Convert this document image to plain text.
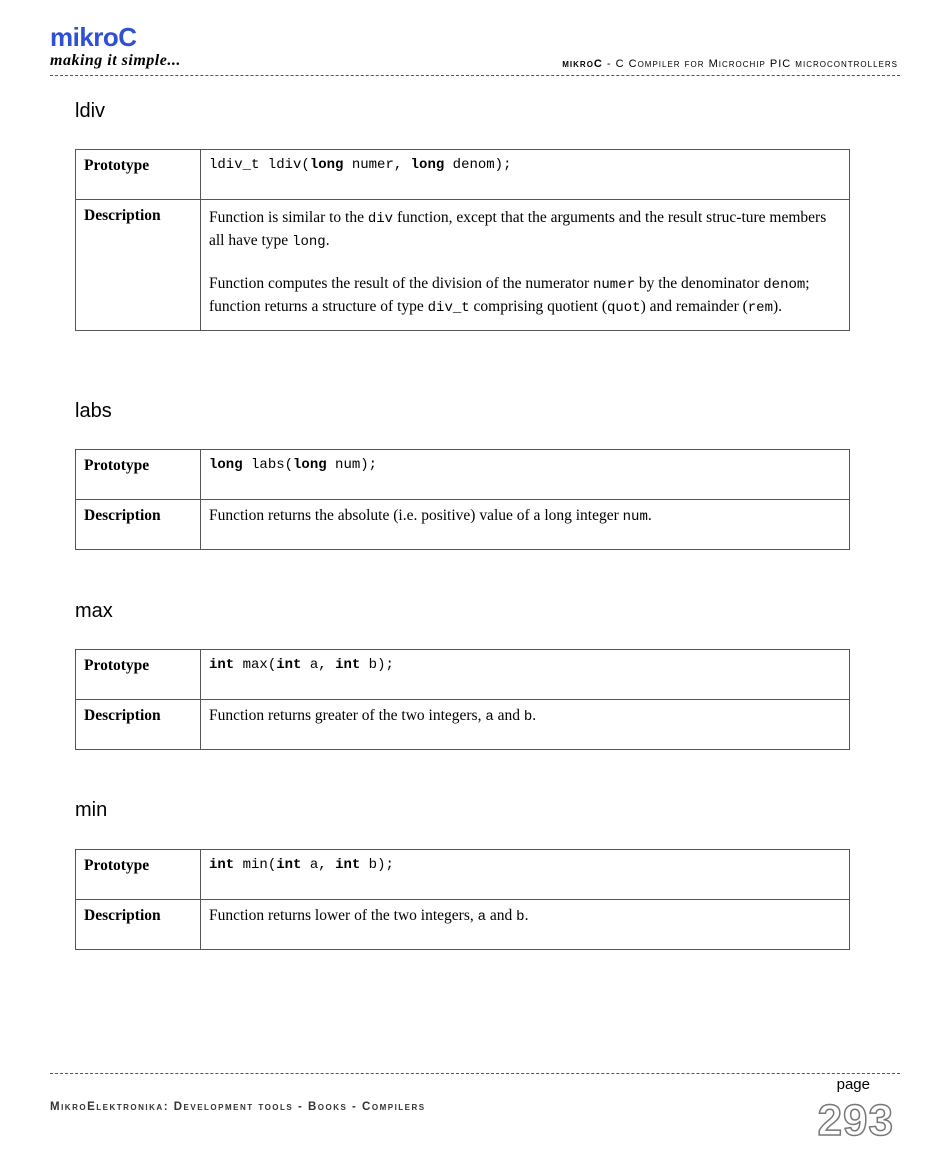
mikroC
making it simple...	mikroC - C Compiler for Microchip PIC microcontrollers
ldiv
Prototype	ldiv_t ldiv(long numer, long denom);
Description	Function is similar to the div function, except that the arguments and the result struc-ture members all have type long.

Function computes the result of the division of the numerator numer by the denominator denom; function returns a structure of type div_t comprising quotient (quot) and remainder (rem).

labs
Prototype	long labs(long num);
Description	Function returns the absolute (i.e. positive) value of a long integer num.
max
Prototype	int max(int a, int b);
Description	Function returns greater of the two integers, a and b.
min
Prototype	int min(int a, int b);
Description	Function returns lower of the two integers, a and b.
MikroElektronika: Development tools - Books - Compilers
page
293
